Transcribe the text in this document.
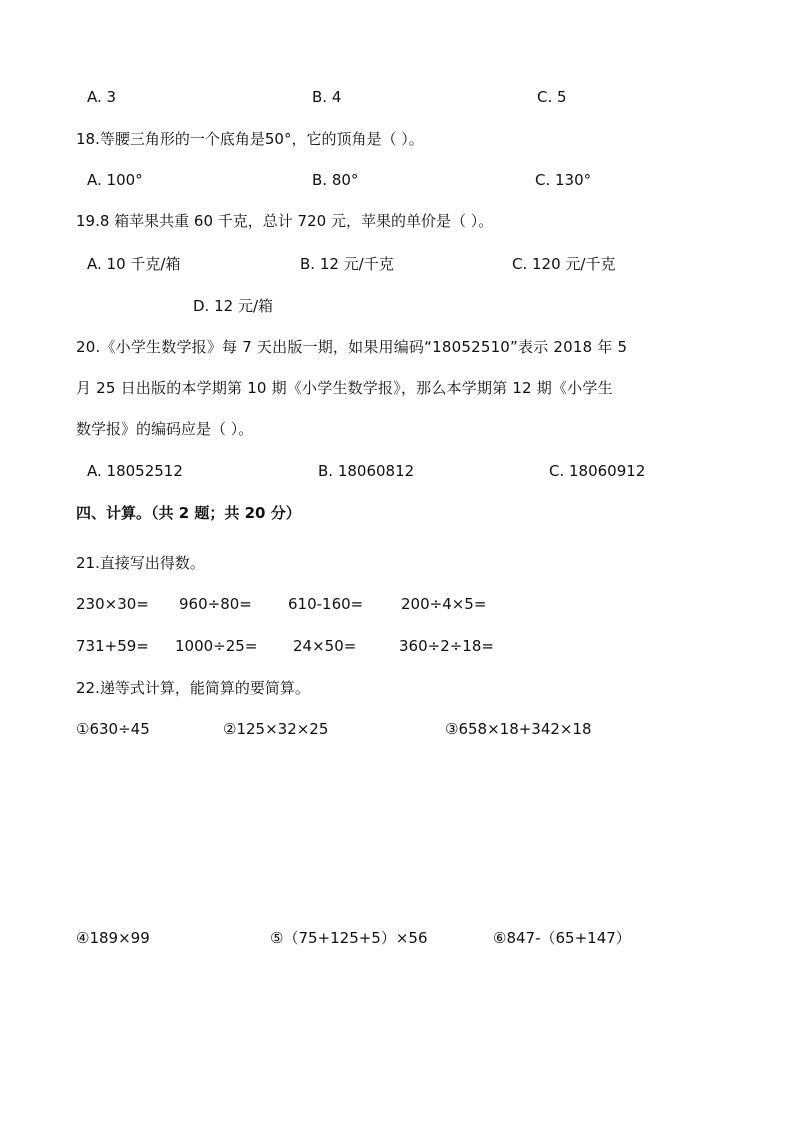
A. 3	B. 4	C. 5
18.等腰三角形的一个底角是50°，它的顶角是（ ）。
A. 100°	B. 80°	C. 130°
19.8 箱苹果共重 60 千克，总计 720 元，苹果的单价是（ ）。
A. 10 千克/箱	B. 12 元/千克	C. 120 元/千克
D. 12 元/箱
20.《小学生数学报》每 7 天出版一期，如果用编码“18052510”表示 2018 年 5
月 25 日出版的本学期第 10 期《小学生数学报》，那么本学期第 12 期《小学生
数学报》的编码应是（ ）。
A. 18052512	B. 18060812	C. 18060912
四、计算。（共 2 题；共 20 分）
21.直接写出得数。
230×30= 960÷80= 610-160=	200÷4×5=
731+59= 1000÷25= 24×50=	360÷2÷18=
22.递等式计算，能简算的要简算。
①630÷45	②125×32×25	③658×18+342×18
④189×99	⑤（75+125+5）×56	⑥847-（65+147）
